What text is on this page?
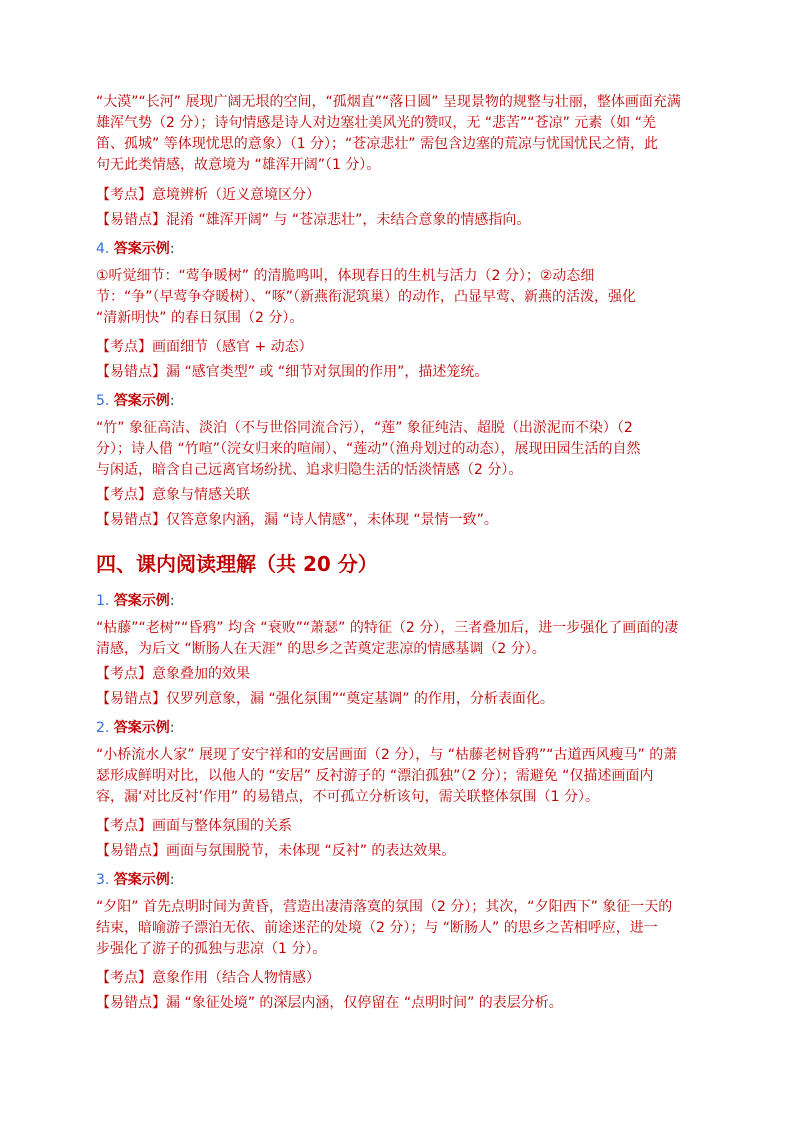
“大漠”“长河” 展现广阔无垠的空间，“孤烟直”“落日圆” 呈现景物的规整与壮丽，整体画面充满
雄浑气势（2 分）；诗句情感是诗人对边塞壮美风光的赞叹，无 “悲苦”“苍凉” 元素（如 “羌
笛、孤城” 等体现忧思的意象）（1 分）；“苍凉悲壮” 需包含边塞的荒凉与忧国忧民之情，此
句无此类情感，故意境为 “雄浑开阔”（1 分）。

【考点】意境辨析（近义意境区分）

【易错点】混淆 “雄浑开阔” 与 “苍凉悲壮”，未结合意象的情感指向。

4. 答案示例:

①听觉细节：“莺争暖树” 的清脆鸣叫，体现春日的生机与活力（2 分）；②动态细
节：“争”（早莺争夺暖树）、“啄”（新燕衔泥筑巢）的动作，凸显早莺、新燕的活泼，强化
“清新明快” 的春日氛围（2 分）。

【考点】画面细节（感官 + 动态）

【易错点】漏 “感官类型” 或 “细节对氛围的作用”，描述笼统。

5. 答案示例:

“竹” 象征高洁、淡泊（不与世俗同流合污），“莲” 象征纯洁、超脱（出淤泥而不染）（2
分）；诗人借 “竹喧”（浣女归来的喧闹）、“莲动”（渔舟划过的动态），展现田园生活的自然
与闲适，暗含自己远离官场纷扰、追求归隐生活的恬淡情感（2 分）。

【考点】意象与情感关联

【易错点】仅答意象内涵，漏 “诗人情感”，未体现 “景情一致”。

四、课内阅读理解（共 20 分）

1. 答案示例:

“枯藤”“老树”“昏鸦” 均含 “衰败”“萧瑟” 的特征（2 分），三者叠加后，进一步强化了画面的凄
清感，为后文 “断肠人在天涯” 的思乡之苦奠定悲凉的情感基调（2 分）。

【考点】意象叠加的效果

【易错点】仅罗列意象，漏 “强化氛围”“奠定基调” 的作用，分析表面化。

2. 答案示例:

“小桥流水人家” 展现了安宁祥和的安居画面（2 分），与 “枯藤老树昏鸦”“古道西风瘦马” 的萧
瑟形成鲜明对比，以他人的 “安居” 反衬游子的 “漂泊孤独”（2 分）；需避免 “仅描述画面内
容，漏‘对比反衬’作用” 的易错点，不可孤立分析该句，需关联整体氛围（1 分）。

【考点】画面与整体氛围的关系

【易错点】画面与氛围脱节，未体现 “反衬” 的表达效果。

3. 答案示例:

“夕阳” 首先点明时间为黄昏，营造出凄清落寞的氛围（2 分）；其次，“夕阳西下” 象征一天的
结束，暗喻游子漂泊无依、前途迷茫的处境（2 分）；与 “断肠人” 的思乡之苦相呼应，进一
步强化了游子的孤独与悲凉（1 分）。

【考点】意象作用（结合人物情感）

【易错点】漏 “象征处境” 的深层内涵，仅停留在 “点明时间” 的表层分析。
